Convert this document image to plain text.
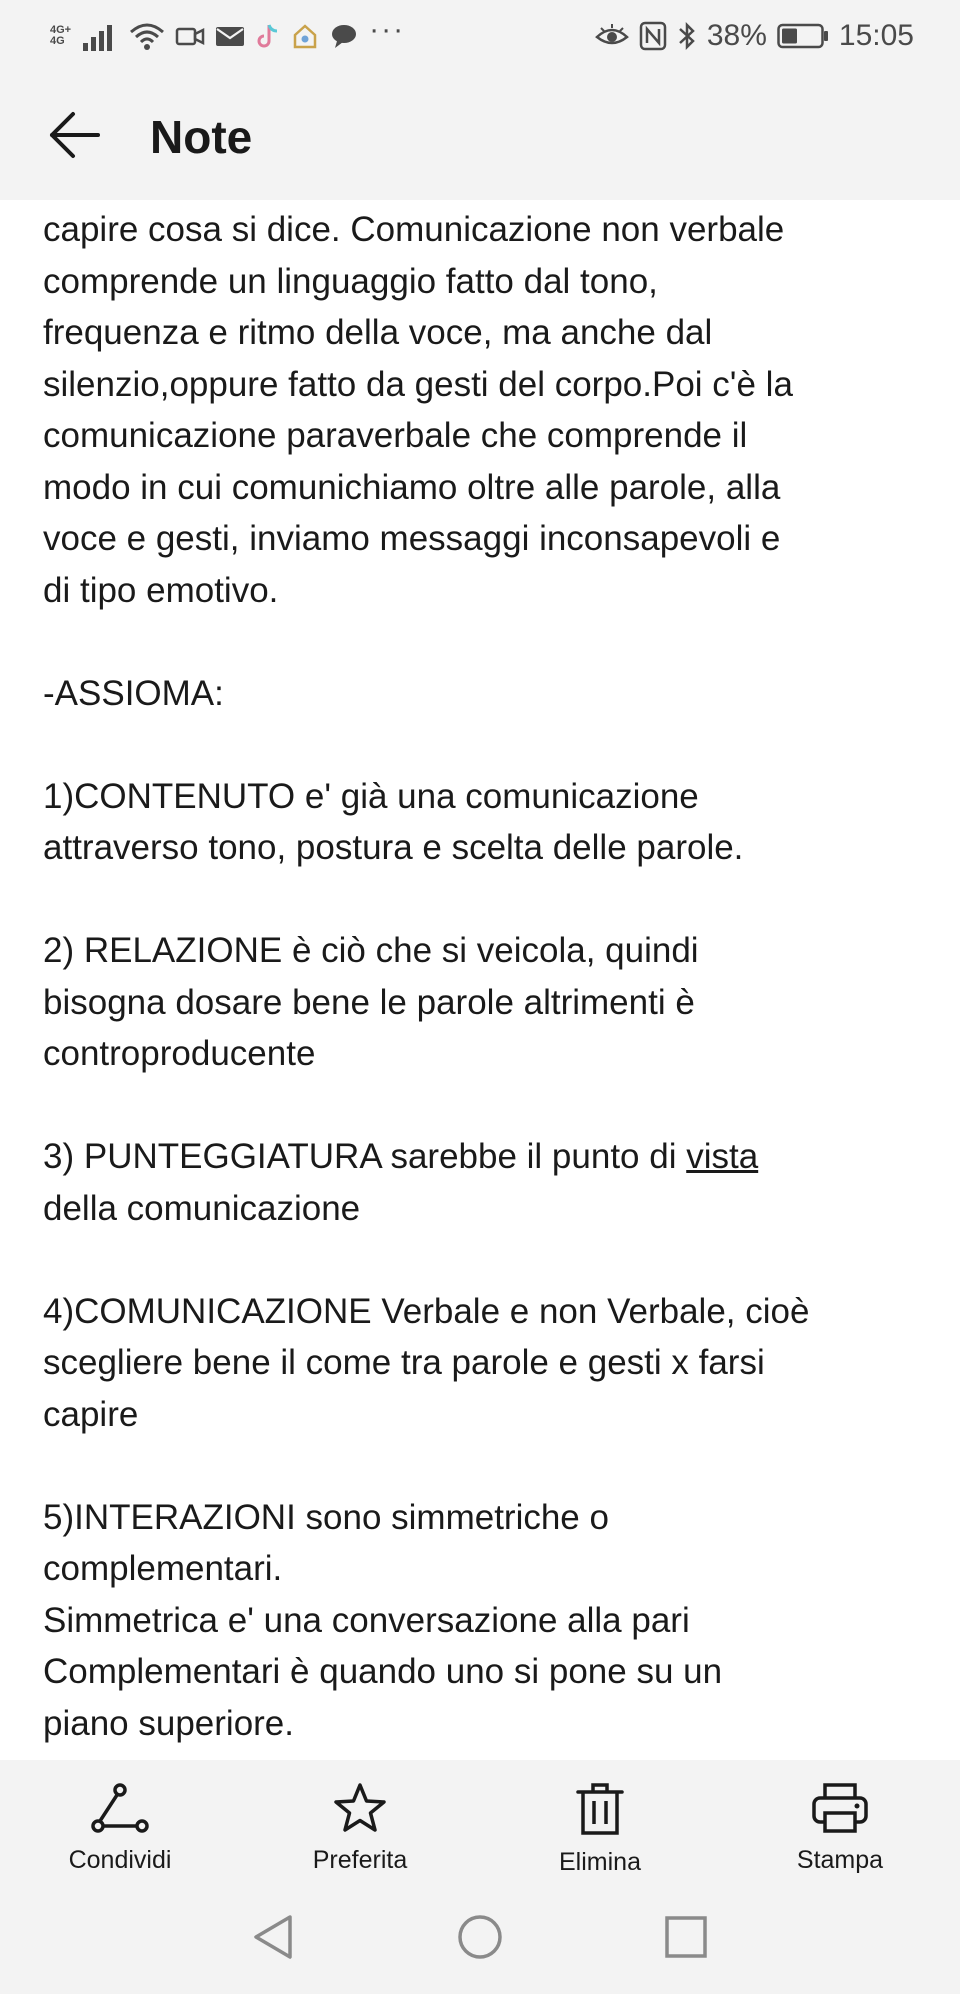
4G+
4G	···	38% 15:05
Note
capire cosa si dice. Comunicazione non verbale
comprende un linguaggio fatto dal tono,
frequenza e ritmo della voce, ma anche dal
silenzio,oppure fatto da gesti del corpo.Poi c'è la
comunicazione paraverbale che comprende il
modo in cui comunichiamo oltre alle parole, alla
voce e gesti, inviamo messaggi inconsapevoli e
di tipo emotivo.
-ASSIOMA:
1)CONTENUTO e' già una comunicazione
attraverso tono, postura e scelta delle parole.
2) RELAZIONE è ciò che si veicola, quindi
bisogna dosare bene le parole altrimenti è
controproducente
3) PUNTEGGIATURA sarebbe il punto di vista
della comunicazione
4)COMUNICAZIONE Verbale e non Verbale, cioè
scegliere bene il come tra parole e gesti x farsi
capire
5)INTERAZIONI sono simmetriche o
complementari.
Simmetrica e' una conversazione alla pari
Complementari è quando uno si pone su un
piano superiore.
Condividi	Preferita	Elimina	Stampa
